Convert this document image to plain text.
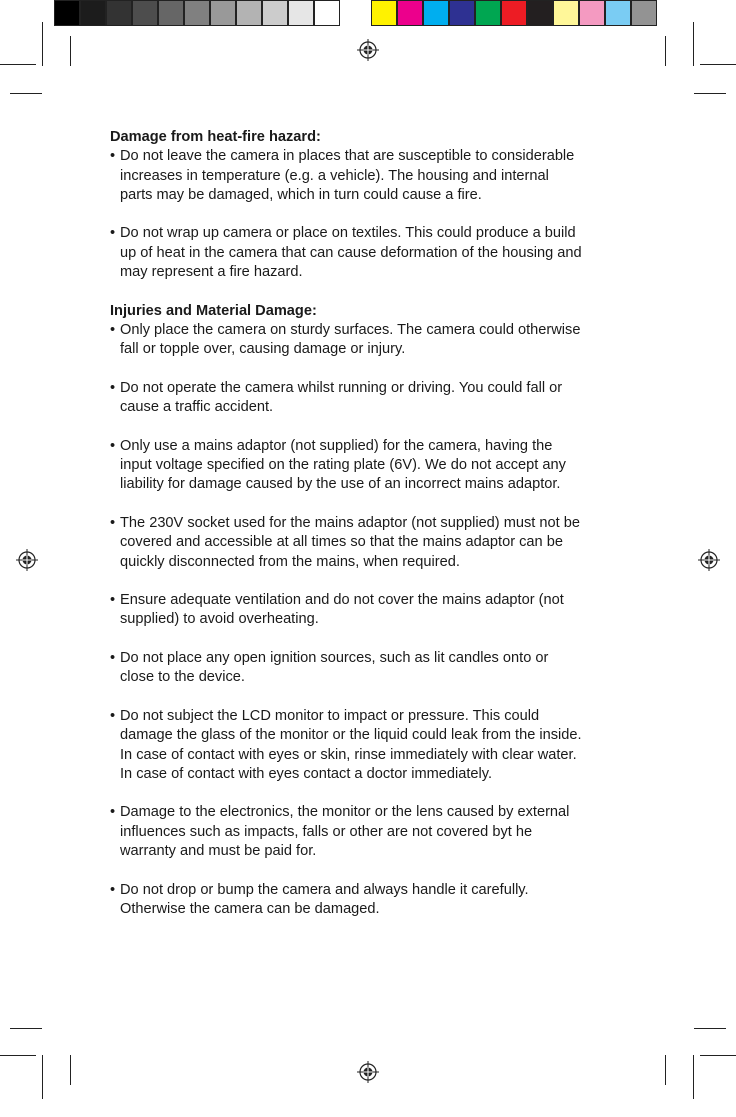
Damage from heat-fire hazard:

• Do not leave the camera in places that are susceptible to considerable
increases in temperature (e.g. a vehicle). The housing and internal
parts may be damaged, which in turn could cause a fire.
• Do not wrap up camera or place on textiles. This could produce a build
up of heat in the camera that can cause deformation of the housing and
may represent a fire hazard.

Injuries and Material Damage:

• Only place the camera on sturdy surfaces. The camera could otherwise
fall or topple over, causing damage or injury.
• Do not operate the camera whilst running or driving. You could fall or
cause a traffic accident.
• Only use a mains adaptor (not supplied) for the camera, having the
input voltage specified on the rating plate (6V). We do not accept any
liability for damage caused by the use of an incorrect mains adaptor.
• The 230V socket used for the mains adaptor (not supplied) must not be
covered and accessible at all times so that the mains adaptor can be
quickly disconnected from the mains, when required.
• Ensure adequate ventilation and do not cover the mains adaptor (not
supplied) to avoid overheating.
• Do not place any open ignition sources, such as lit candles onto or
close to the device.
• Do not subject the LCD monitor to impact or pressure. This could
damage the glass of the monitor or the liquid could leak from the inside.
In case of contact with eyes or skin, rinse immediately with clear water.
In case of contact with eyes contact a doctor immediately.
• Damage to the electronics, the monitor or the lens caused by external
influences such as impacts, falls or other are not covered byt he
warranty and must be paid for.
• Do not drop or bump the camera and always handle it carefully.
Otherwise the camera can be damaged.
